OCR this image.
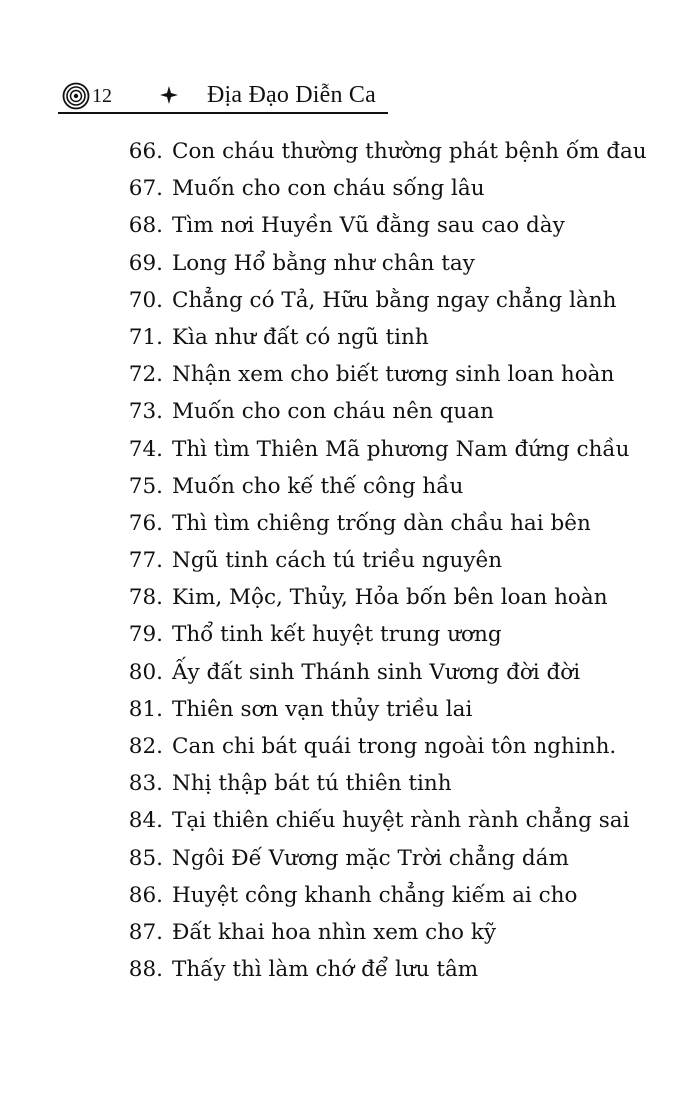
12	Địa Đạo Diễn Ca
66. Con cháu thường thường phát bệnh ốm đau
67. Muốn cho con cháu sống lâu
68. Tìm nơi Huyền Vũ đằng sau cao dày
69. Long Hổ bằng như chân tay
70. Chẳng có Tả, Hữu bằng ngay chẳng lành
71. Kìa như đất có ngũ tinh
72. Nhận xem cho biết tương sinh loan hoàn
73. Muốn cho con cháu nên quan
74. Thì tìm Thiên Mã phương Nam đứng chầu
75. Muốn cho kế thế công hầu
76. Thì tìm chiêng trống dàn chầu hai bên
77. Ngũ tinh cách tú triều nguyên
78. Kim, Mộc, Thủy, Hỏa bốn bên loan hoàn
79. Thổ tinh kết huyệt trung ương
80. Ấy đất sinh Thánh sinh Vương đời đời
81. Thiên sơn vạn thủy triều lai
82. Can chi bát quái trong ngoài tôn nghinh.
83. Nhị thập bát tú thiên tinh
84. Tại thiên chiếu huyệt rành rành chẳng sai
85. Ngôi Đế Vương mặc Trời chẳng dám
86. Huyệt công khanh chẳng kiếm ai cho
87. Đất khai hoa nhìn xem cho kỹ
88. Thấy thì làm chớ để lưu tâm
